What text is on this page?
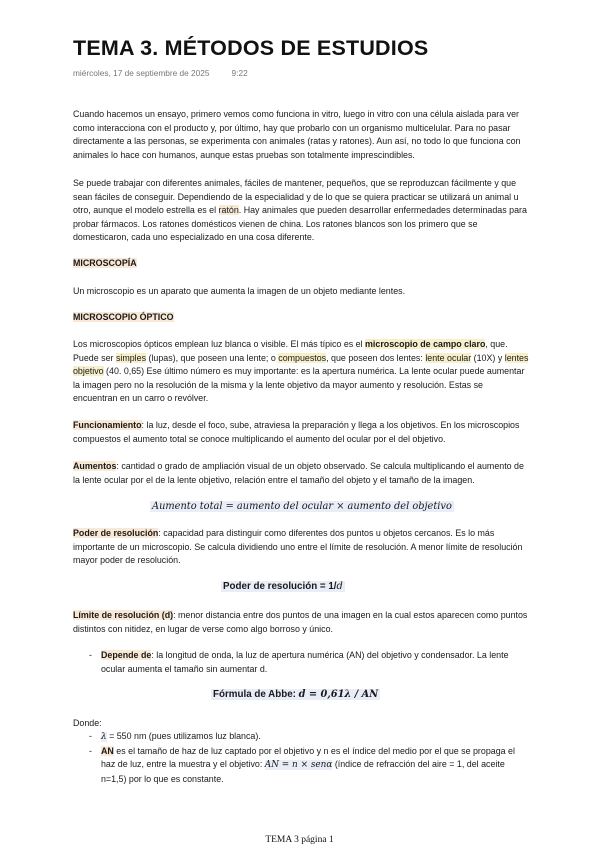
TEMA 3. MÉTODOS DE ESTUDIOS
miércoles, 17 de septiembre de 2025	9:22

Cuando hacemos un ensayo, primero vemos como funciona in vitro, luego in vitro con una célula aislada para ver como interacciona con el producto y, por último, hay que probarlo con un organismo multicelular. Para no pasar directamente a las personas, se experimenta con animales (ratas y ratones). Aun así, no todo lo que funciona con animales lo hace con humanos, aunque estas pruebas son totalmente imprescindibles.

Se puede trabajar con diferentes animales, fáciles de mantener, pequeños, que se reproduzcan fácilmente y que sean fáciles de conseguir. Dependiendo de la especialidad y de lo que se quiera practicar se utilizará un animal u otro, aunque el modelo estrella es el ratón. Hay animales que pueden desarrollar enfermedades determinadas para probar fármacos. Los ratones domésticos vienen de china. Los ratones blancos son los primero que se domesticaron, cada uno especializado en una cosa diferente.

MICROSCOPÍA

Un microscopio es un aparato que aumenta la imagen de un objeto mediante lentes.

MICROSCOPIO ÓPTICO

Los microscopios ópticos emplean luz blanca o visible. El más típico es el microscopio de campo claro, que. Puede ser simples (lupas), que poseen una lente; o compuestos, que poseen dos lentes: lente ocular (10X) y lentes objetivo (40. 0,65) Ese último número es muy importante: es la apertura numérica. La lente ocular puede aumentar la imagen pero no la resolución de la misma y la lente objetivo da mayor aumento y resolución. Estas se encuentran en un carro o revólver.

Funcionamiento: la luz, desde el foco, sube, atraviesa la preparación y llega a los objetivos. En los microscopios compuestos el aumento total se conoce multiplicando el aumento del ocular por el del objetivo.

Aumentos: cantidad o grado de ampliación visual de un objeto observado. Se calcula multiplicando el aumento de la lente ocular por el de la lente objetivo, relación entre el tamaño del objeto y el tamaño de la imagen.

Aumento total = aumento del ocular × aumento del objetivo

Poder de resolución: capacidad para distinguir como diferentes dos puntos u objetos cercanos. Es lo más importante de un microscopio. Se calcula dividiendo uno entre el límite de resolución. A menor límite de resolución mayor poder de resolución.

Poder de resolución = 1/d

Límite de resolución (d): menor distancia entre dos puntos de una imagen en la cual estos aparecen como puntos distintos con nitidez, en lugar de verse como algo borroso y único.

- Depende de: la longitud de onda, la luz de apertura numérica (AN) del objetivo y condensador. La lente ocular aumenta el tamaño sin aumentar d.
Fórmula de Abbe: d = 0,61λ / AN

Donde:

- λ = 550 nm (pues utilizamos luz blanca).
- AN es el tamaño de haz de luz captado por el objetivo y n es el índice del medio por el que se propaga el haz de luz, entre la muestra y el objetivo: AN = n × senα (índice de refracción del aire = 1, del aceite n=1,5) por lo que es constante.
TEMA 3 página 1
